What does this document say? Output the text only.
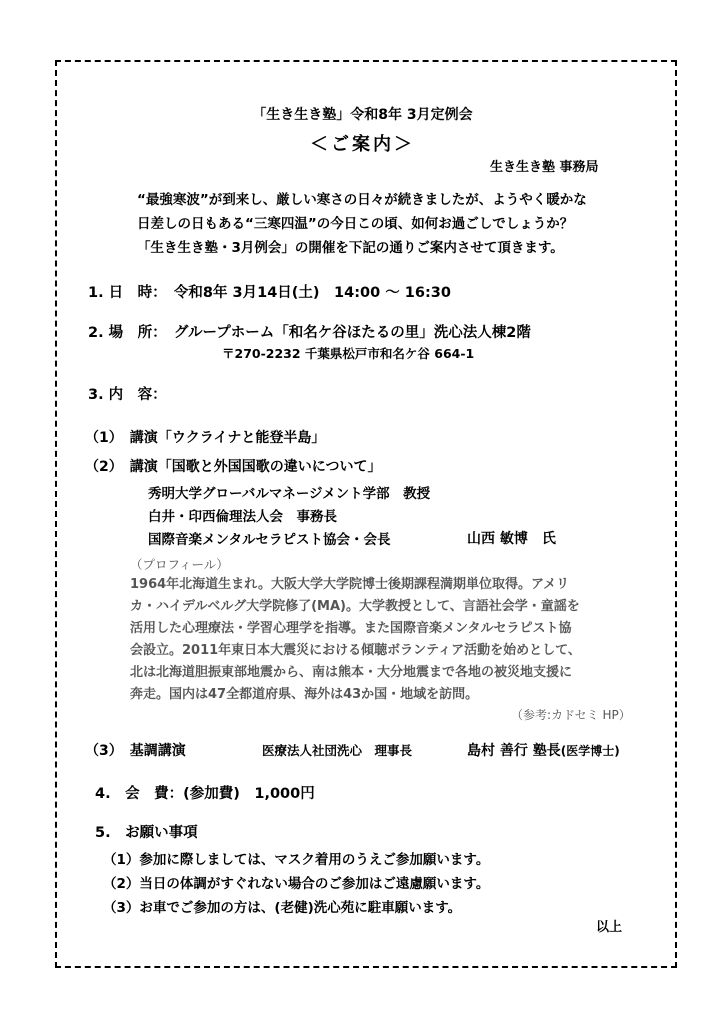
「生き生き塾」令和8年 3月定例会
＜ご案内＞
生き生き塾 事務局
“最強寒波”が到来し、厳しい寒さの日々が続きましたが、ようやく暖かな
日差しの日もある“三寒四温”の今日この頃、如何お過ごしでしょうか？
「生き生き塾・3月例会」の開催を下記の通りご案内させて頂きます。
1. 日　時：　令和8年 3月14日(土)　14:00 ～ 16:30
2. 場　所：　グループホーム「和名ケ谷ほたるの里」洗心法人棟2階
〒270-2232 千葉県松戸市和名ケ谷 664-1
3. 内　容：
（1）　講演「ウクライナと能登半島」
（2）　講演「国歌と外国国歌の違いについて」
秀明大学グローバルマネージメント学部　教授
白井・印西倫理法人会　事務長
国際音楽メンタルセラピスト協会・会長	山西 敏博　氏
（プロフィール）
1964年北海道生まれ。大阪大学大学院博士後期課程満期単位取得。アメリ
カ・ハイデルベルグ大学院修了(MA)。大学教授として、言語社会学・童謡を
活用した心理療法・学習心理学を指導。また国際音楽メンタルセラピスト協
会設立。2011年東日本大震災における傾聴ボランティア活動を始めとして、
北は北海道胆振東部地震から、南は熊本・大分地震まで各地の被災地支援に
奔走。国内は47全都道府県、海外は43か国・地域を訪問。
（参考:カドセミ HP）
（3）　基調講演	医療法人社団洗心　理事長	島村 善行 塾長(医学博士)
4.　会　費：(参加費)　1,000円
5.　お願い事項
（1）参加に際しましては、マスク着用のうえご参加願います。
（2）当日の体調がすぐれない場合のご参加はご遠慮願います。
（3）お車でご参加の方は、(老健)洗心苑に駐車願います。
以上
